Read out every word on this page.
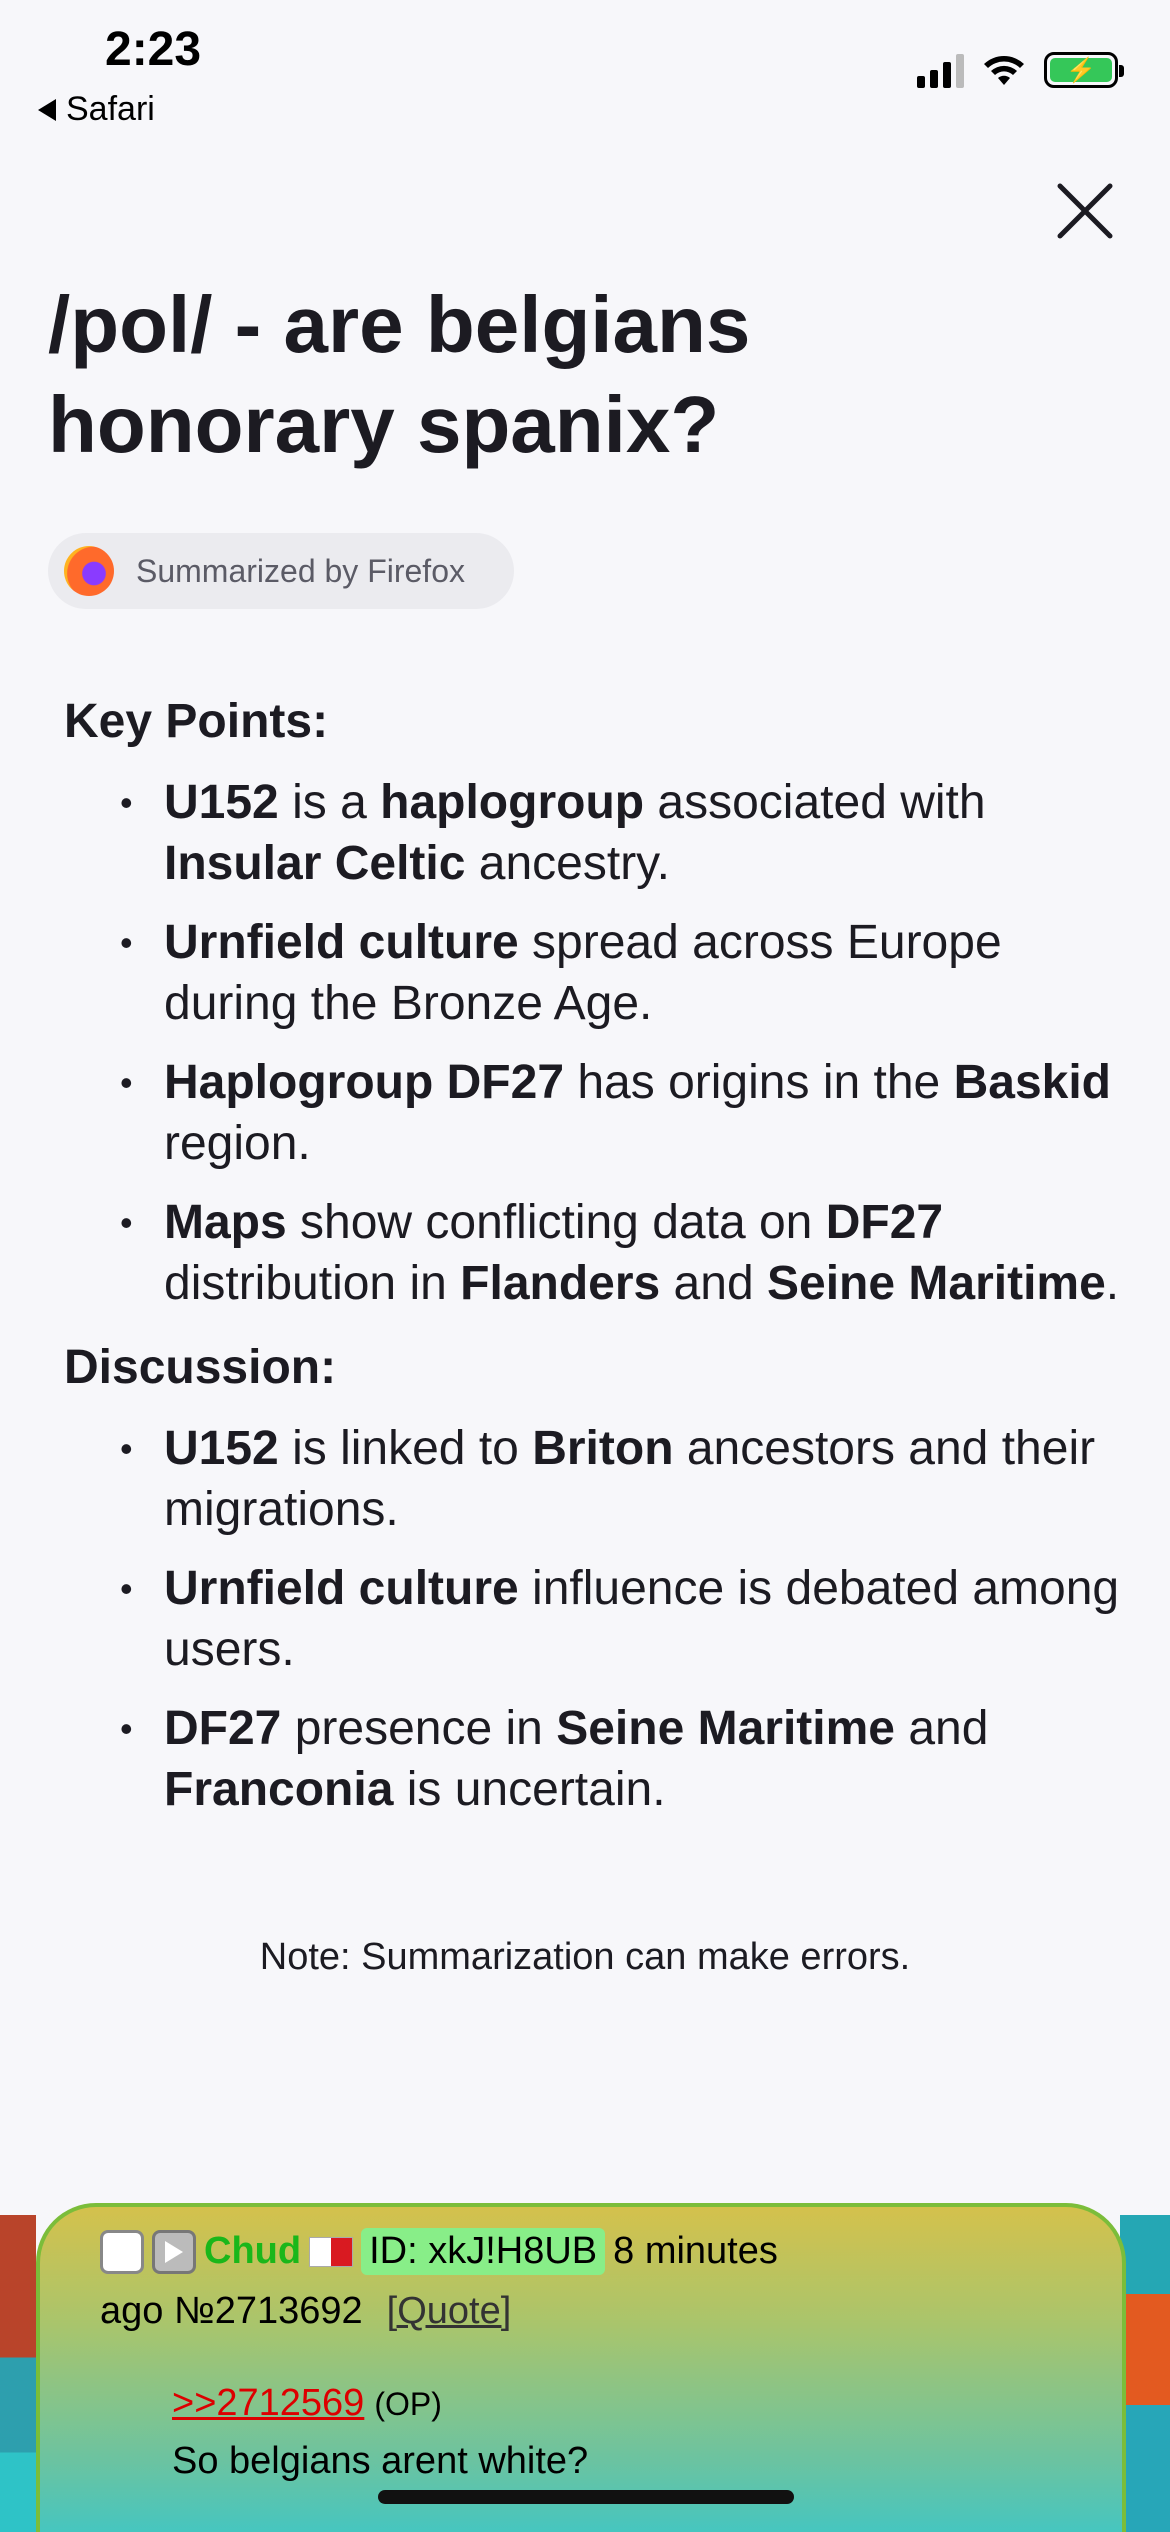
2:23
Safari
⚡
/pol/ - are belgians honorary spanix?
Summarized by Firefox
Key Points:
• U152 is a haplogroup associated with Insular Celtic ancestry.
• Urnfield culture spread across Europe during the Bronze Age.
• Haplogroup DF27 has origins in the Baskid region.
• Maps show conflicting data on DF27 distribution in Flanders and Seine Maritime.
Discussion:
• U152 is linked to Briton ancestors and their migrations.
• Urnfield culture influence is debated among users.
• DF27 presence in Seine Maritime and Franconia is uncertain.
Note: Summarization can make errors.
Chud ID: xkJ!H8UB 8 minutes
ago №2713692 [Quote]
>>2712569 (OP)
So belgians arent white?
